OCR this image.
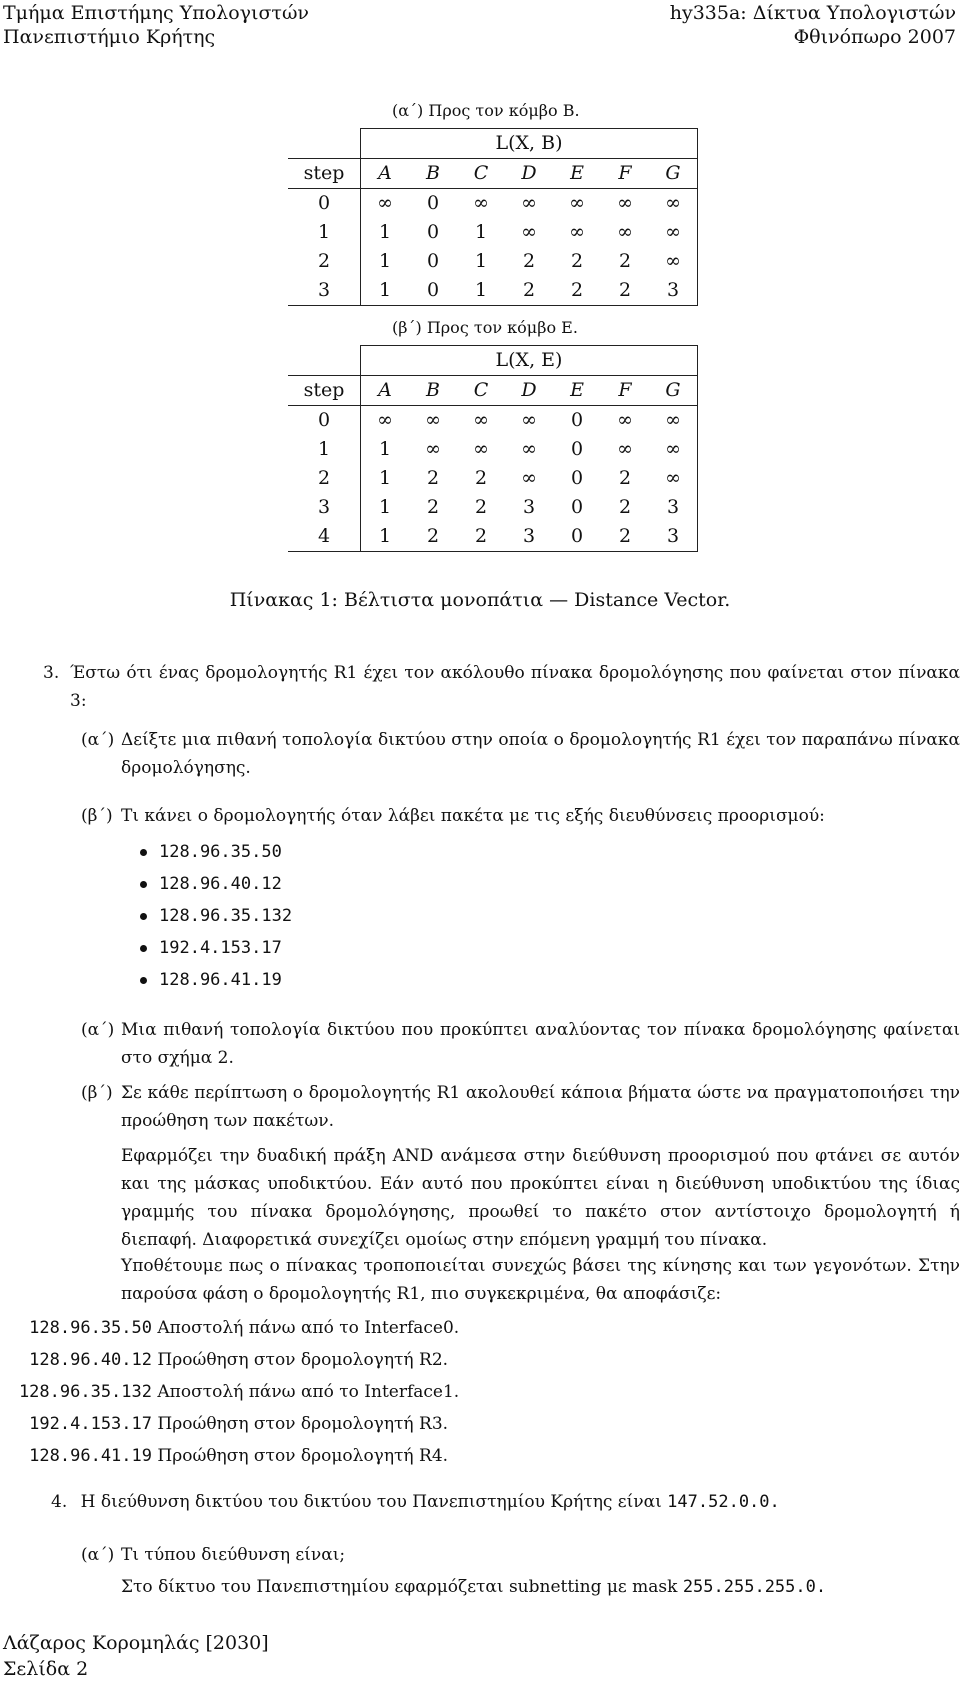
Τμήμα Επιστήμης Υπολογιστών
Πανεπιστήμιο Κρήτης
hy335a: Δίκτυα Υπολογιστών
Φθινόπωρο 2007
(α΄) Προς τον κόμβο B.
	L(X, B)						
step	A	B	C	D	E	F	G
0	∞	0	∞	∞	∞	∞	∞
1	1	0	1	∞	∞	∞	∞
2	1	0	1	2	2	2	∞
3	1	0	1	2	2	2	3
(β΄) Προς τον κόμβο E.
	L(X, E)						
step	A	B	C	D	E	F	G
0	∞	∞	∞	∞	0	∞	∞
1	1	∞	∞	∞	0	∞	∞
2	1	2	2	∞	0	2	∞
3	1	2	2	3	0	2	3
4	1	2	2	3	0	2	3
Πίνακας 1: Βέλτιστα μονοπάτια — Distance Vector.
3. Έστω ότι ένας δρομολογητής R1 έχει τον ακόλουθο πίνακα δρομολόγησης που φαίνεται στον πίνακα 3:
(α΄) Δείξτε μια πιθανή τοπολογία δικτύου στην οποία ο δρομολογητής R1 έχει τον παραπάνω πίνακα δρομολόγησης.
(β΄) Τι κάνει ο δρομολογητής όταν λάβει πακέτα με τις εξής διευθύνσεις προορισμού:
128.96.35.50
128.96.40.12
128.96.35.132
192.4.153.17
128.96.41.19
(α΄) Μια πιθανή τοπολογία δικτύου που προκύπτει αναλύοντας τον πίνακα δρομολόγησης φαίνεται στο σχήμα 2.
(β΄) Σε κάθε περίπτωση ο δρομολογητής R1 ακολουθεί κάποια βήματα ώστε να πραγματοποιήσει την προώθηση των πακέτων.
Εφαρμόζει την δυαδική πράξη AND ανάμεσα στην διεύθυνση προορισμού που φτάνει σε αυτόν και της μάσκας υποδικτύου. Εάν αυτό που προκύπτει είναι η διεύθυνση υποδικτύου της ίδιας γραμμής του πίνακα δρομολόγησης, προωθεί το πακέτο στον αντίστοιχο δρομολογητή ή διεπαφή. Διαφορετικά συνεχίζει ομοίως στην επόμενη γραμμή του πίνακα.
Υποθέτουμε πως ο πίνακας τροποποιείται συνεχώς βάσει της κίνησης και των γεγονότων. Στην παρούσα φάση ο δρομολογητής R1, πιο συγκεκριμένα, θα αποφάσιζε:
128.96.35.50 Αποστολή πάνω από το Interface0.
128.96.40.12 Προώθηση στον δρομολογητή R2.
128.96.35.132 Αποστολή πάνω από το Interface1.
192.4.153.17 Προώθηση στον δρομολογητή R3.
128.96.41.19 Προώθηση στον δρομολογητή R4.
4. Η διεύθυνση δικτύου του δικτύου του Πανεπιστημίου Κρήτης είναι 147.52.0.0.
(α΄) Τι τύπου διεύθυνση είναι;
Στο δίκτυο του Πανεπιστημίου εφαρμόζεται subnetting με mask 255.255.255.0.
Λάζαρος Κορομηλάς [2030]
Σελίδα 2
